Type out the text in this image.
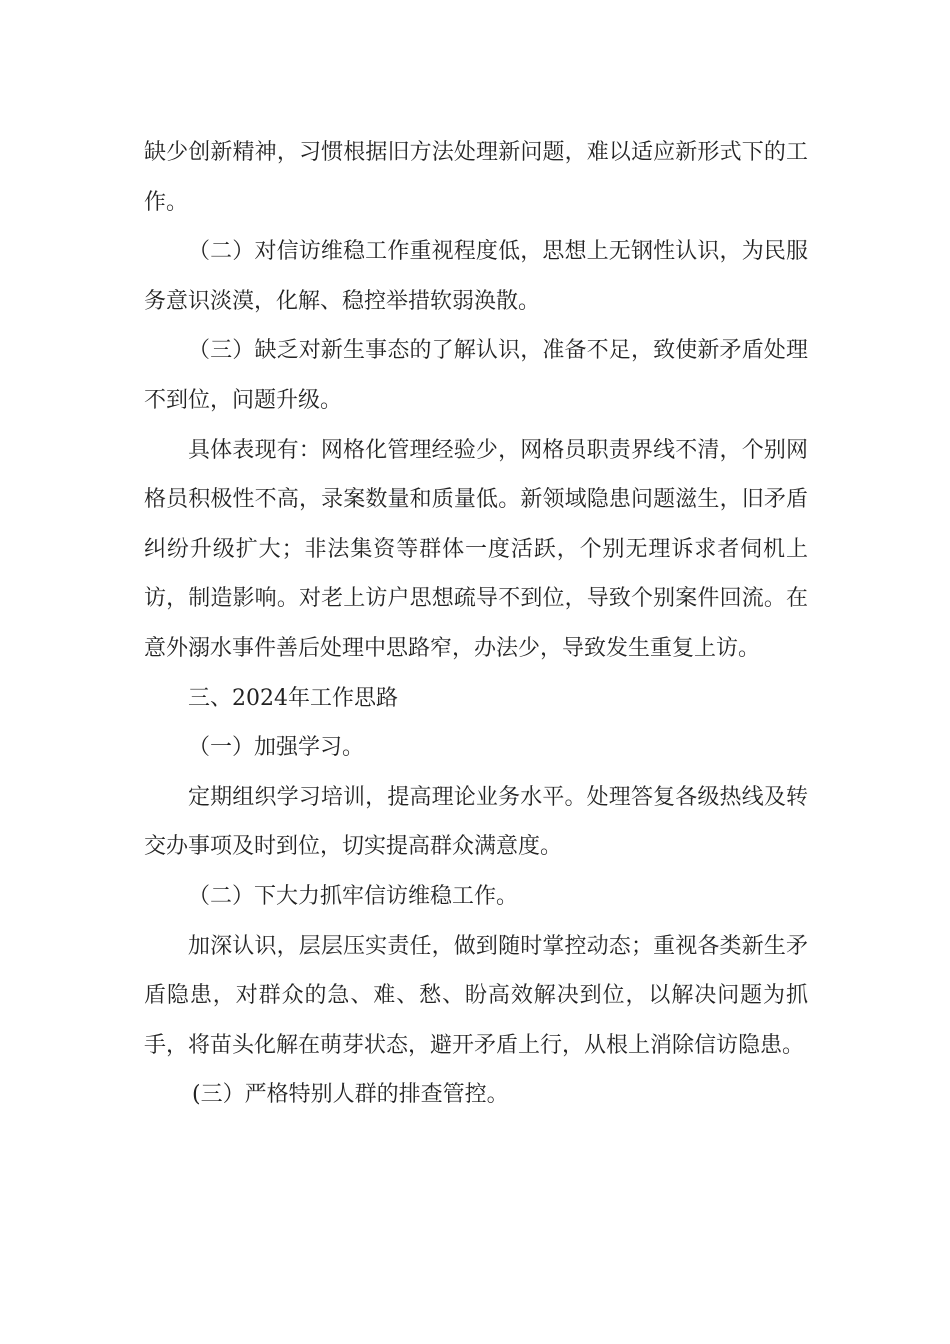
缺少创新精神，习惯根据旧方法处理新问题，难以适应新形式下的工作。

（二）对信访维稳工作重视程度低，思想上无钢性认识，为民服务意识淡漠，化解、稳控举措软弱涣散。

（三）缺乏对新生事态的了解认识，准备不足，致使新矛盾处理不到位，问题升级。

具体表现有：网格化管理经验少，网格员职责界线不清，个别网格员积极性不高，录案数量和质量低。新领域隐患问题滋生，旧矛盾纠纷升级扩大；非法集资等群体一度活跃，个别无理诉求者伺机上访，制造影响。对老上访户思想疏导不到位，导致个别案件回流。在意外溺水事件善后处理中思路窄，办法少，导致发生重复上访。

三、2024年工作思路

（一）加强学习。

定期组织学习培训，提高理论业务水平。处理答复各级热线及转交办事项及时到位，切实提高群众满意度。

（二）下大力抓牢信访维稳工作。

加深认识，层层压实责任，做到随时掌控动态；重视各类新生矛盾隐患，对群众的急、难、愁、盼高效解决到位，以解决问题为抓手，将苗头化解在萌芽状态，避开矛盾上行，从根上消除信访隐患。

(三）严格特别人群的排查管控。
